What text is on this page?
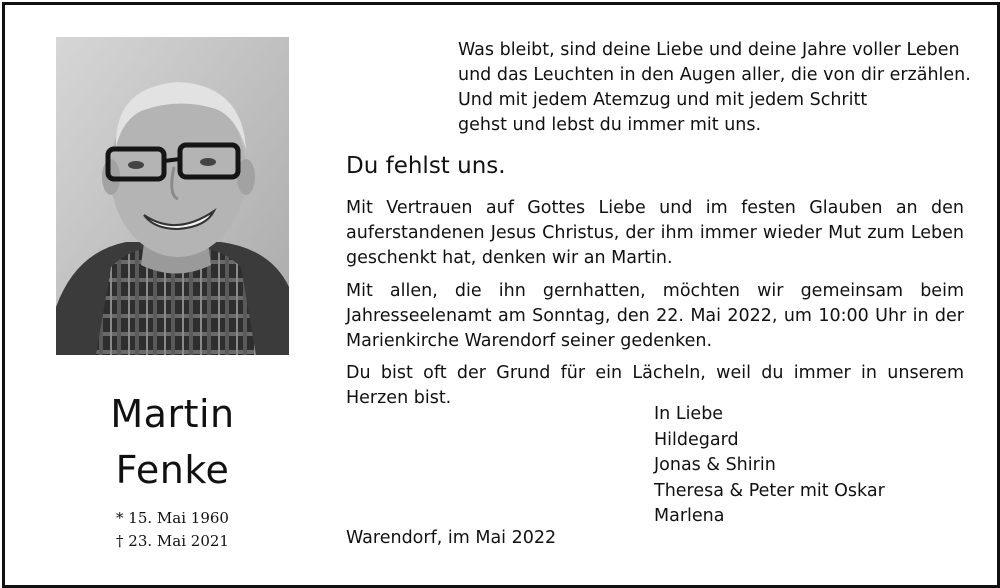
Martin
Fenke
* 15. Mai 1960
† 23. Mai 2021
Was bleibt, sind deine Liebe und deine Jahre voller Leben
und das Leuchten in den Augen aller, die von dir erzählen.
Und mit jedem Atemzug und mit jedem Schritt
gehst und lebst du immer mit uns.
Du fehlst uns.
Mit Vertrauen auf Gottes Liebe und im festen Glauben an den auferstandenen Jesus Christus, der ihm immer wieder Mut zum Leben geschenkt hat, denken wir an Martin.
Mit allen, die ihn gernhatten, möchten wir gemeinsam beim Jahresseelenamt am Sonntag, den 22. Mai 2022, um 10:00 Uhr in der Marienkirche Warendorf seiner gedenken.
Du bist oft der Grund für ein Lächeln, weil du immer in unserem Herzen bist.
In Liebe
Hildegard
Jonas & Shirin
Theresa & Peter mit Oskar
Marlena
Warendorf, im Mai 2022
